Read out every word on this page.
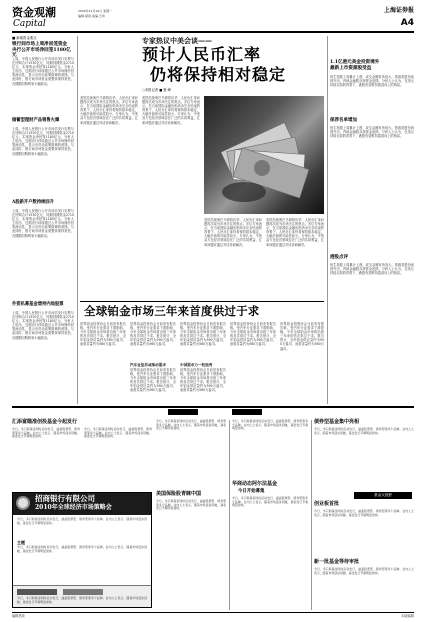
资金观潮
Capital
2009年11月16日 星期一
编辑:郝雨 美编:王玮
上海证券报
A4
■ 新闻资金要点
银行间市场上周净回笼资金
央行公开市场净回笼1180亿元
上周，中国人民银行公开市场共发行央票与正回购合计1530亿元，同期到期资金2710亿元，实现资金净回笼1180亿元。分析人士指出，近期央行持续通过公开市场操作回笼流动性，显示出货币政策微调的意图。与此同时，银行间市场资金面整体保持宽松，各期限回购利率小幅波动。
储蓄型理财产品销售火爆
上周，中国人民银行公开市场共发行央票与正回购合计1530亿元，同期到期资金2710亿元，实现资金净回笼1180亿元。分析人士指出，近期央行持续通过公开市场操作回笼流动性，显示出货币政策微调的意图。与此同时，银行间市场资金面整体保持宽松，各期限回购利率小幅波动。
A股新开户数持续回升
上周，中国人民银行公开市场共发行央票与正回购合计1530亿元，同期到期资金2710亿元，实现资金净回笼1180亿元。分析人士指出，近期央行持续通过公开市场操作回笼流动性，显示出货币政策微调的意图。与此同时，银行间市场资金面整体保持宽松，各期限回购利率小幅波动。
外资私募基金增持内地股票
上周，中国人民银行公开市场共发行央票与正回购合计1530亿元，同期到期资金2710亿元，实现资金净回笼1180亿元。分析人士指出，近期央行持续通过公开市场操作回笼流动性，显示出货币政策微调的意图。与此同时，银行间市场资金面整体保持宽松，各期限回购利率小幅波动。
专家热议中美会谈——
预计人民币汇率
仍将保持相对稳定
○本报记者 ■ 夏 峰
美国总统奥巴马即将访华，人民币汇率问题再次成为市场关注的焦点。多位专家表示，在当前国际金融危机尚未完全结束的背景下，人民币汇率仍将保持基本稳定，大幅升值的可能性较小。专家认为，中美双方在经济领域存在广泛的共同利益，汇率问题应通过对话协商解决。
美国总统奥巴马即将访华，人民币汇率问题再次成为市场关注的焦点。多位专家表示，在当前国际金融危机尚未完全结束的背景下，人民币汇率仍将保持基本稳定，大幅升值的可能性较小。专家认为，中美双方在经济领域存在广泛的共同利益，汇率问题应通过对话协商解决。
美国总统奥巴马即将访华，人民币汇率问题再次成为市场关注的焦点。多位专家表示，在当前国际金融危机尚未完全结束的背景下，人民币汇率仍将保持基本稳定，大幅升值的可能性较小。专家认为，中美双方在经济领域存在广泛的共同利益，汇率问题应通过对话协商解决。
美国总统奥巴马即将访华，人民币汇率问题再次成为市场关注的焦点。多位专家表示，在当前国际金融危机尚未完全结束的背景下，人民币汇率仍将保持基本稳定，大幅升值的可能性较小。专家认为，中美双方在经济领域存在广泛的共同利益，汇率问题应通过对话协商解决。
1.1亿港元美金投资境外
最新上市资源股受益
恒生指数上周累计上涨，成交金额有所放大。资源类股份表现突出，内地金融股亦获资金追捧。分析人士认为，在美元持续走弱的背景下，港股有望维持震荡向上的格局。
保荐名单增加
恒生指数上周累计上涨，成交金额有所放大。资源类股份表现突出，内地金融股亦获资金追捧。分析人士认为，在美元持续走弱的背景下，港股有望维持震荡向上的格局。
港股点评
恒生指数上周累计上涨，成交金额有所放大。资源类股份表现突出，内地金融股亦获资金追捧。分析人士认为，在美元持续走弱的背景下，港股有望维持震荡向上的格局。
全球铂金市场三年来首度供过于求
世界铂金投资协会日前发布报告称，受汽车行业需求下滑影响，今年全球铂金市场将出现三年来的首次供过于求。报告预计，全年铂金供应量约为590万盎司，而需求量约为560万盎司。
世界铂金投资协会日前发布报告称，受汽车行业需求下滑影响，今年全球铂金市场将出现三年来的首次供过于求。报告预计，全年铂金供应量约为590万盎司，而需求量约为560万盎司。
汽车业复苏或推动需求
世界铂金投资协会日前发布报告称，受汽车行业需求下滑影响，今年全球铂金市场将出现三年来的首次供过于求。报告预计，全年铂金供应量约为590万盎司，而需求量约为560万盎司。
世界铂金投资协会日前发布报告称，受汽车行业需求下滑影响，今年全球铂金市场将出现三年来的首次供过于求。报告预计，全年铂金供应量约为590万盎司，而需求量约为560万盎司。
中国需求力一枝独秀
世界铂金投资协会日前发布报告称，受汽车行业需求下滑影响，今年全球铂金市场将出现三年来的首次供过于求。报告预计，全年铂金供应量约为590万盎司，而需求量约为560万盎司。
世界铂金投资协会日前发布报告称，受汽车行业需求下滑影响，今年全球铂金市场将出现三年来的首次供过于求。报告预计，全年铂金供应量约为590万盎司，而需求量约为560万盎司。
世界铂金投资协会日前发布报告称，受汽车行业需求下滑影响，今年全球铂金市场将出现三年来的首次供过于求。报告预计，全年铂金供应量约为590万盎司，而需求量约为560万盎司。
汇添富瞄准创投基金今起发行
今日，多只新基金同时启动发行，涵盖股票型、债券型等多个品种。业内人士表示，随着市场逐步回暖，基金发行节奏明显加快。
今日，多只新基金同时启动发行，涵盖股票型、债券型等多个品种。业内人士表示，随着市场逐步回暖，基金发行节奏明显加快。
今日，多只新基金同时启动发行，涵盖股票型、债券型等多个品种。业内人士表示，随着市场逐步回暖，基金发行节奏明显加快。
招商银行有限公司
2010年全球经济市场策略会
今日，多只新基金同时启动发行，涵盖股票型、债券型等多个品种。业内人士表示，随着市场逐步回暖，基金发行节奏明显加快。
主题
今日，多只新基金同时启动发行，涵盖股票型、债券型等多个品种。业内人士表示，随着市场逐步回暖，基金发行节奏明显加快。
今日，多只新基金同时启动发行，涵盖股票型、债券型等多个品种。业内人士表示，随着市场逐步回暖，基金发行节奏明显加快。
美国保险股青睐中国
今日，多只新基金同时启动发行，涵盖股票型、债券型等多个品种。业内人士表示，随着市场逐步回暖，基金发行节奏明显加快。
今日，多只新基金同时启动发行，涵盖股票型、债券型等多个品种。业内人士表示，随着市场逐步回暖，基金发行节奏明显加快。
华商动态阿尔法基金
今日开始募集
今日，多只新基金同时启动发行，涵盖股票型、债券型等多个品种。业内人士表示，随着市场逐步回暖，基金发行节奏明显加快。
债券型基金集中亮相
今日，多只新基金同时启动发行，涵盖股票型、债券型等多个品种。业内人士表示，随着市场逐步回暖，基金发行节奏明显加快。
基金大视野
创业板首批
今日，多只新基金同时启动发行，涵盖股票型、债券型等多个品种。业内人士表示，随着市场逐步回暖，基金发行节奏明显加快。
新一批基金等待审批
今日，多只新基金同时启动发行，涵盖股票型、债券型等多个品种。业内人士表示，随着市场逐步回暖，基金发行节奏明显加快。
编辑热线	本版编辑
